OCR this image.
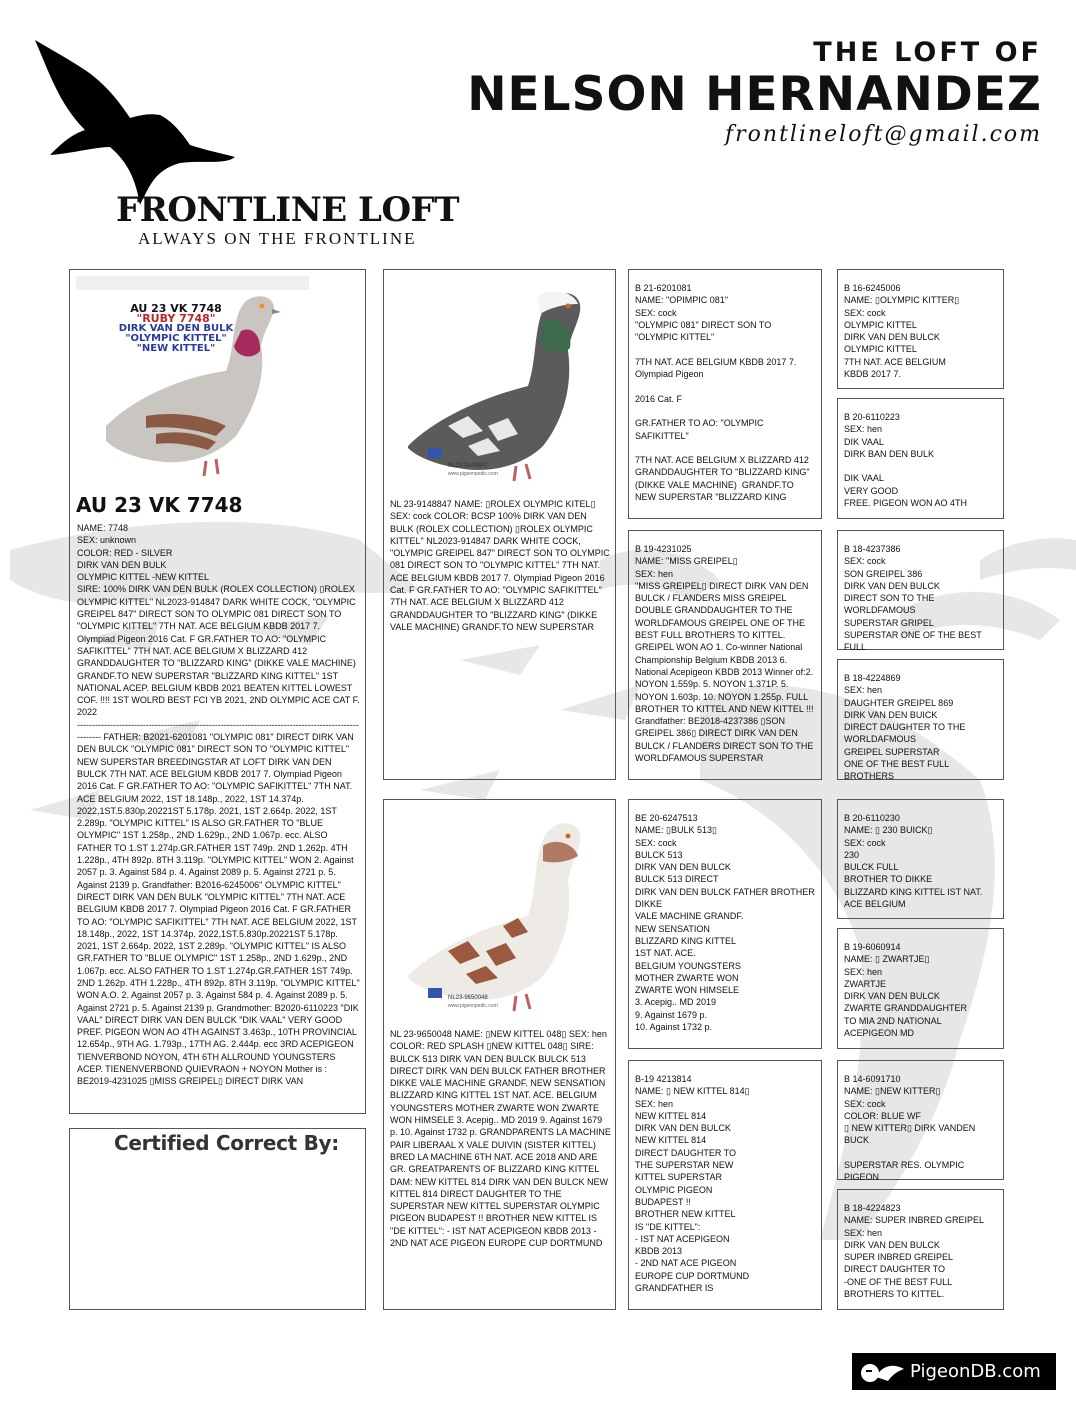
FRONTLINE LOFT
ALWAYS ON THE FRONTLINE
THE LOFT OF
NELSON HERNANDEZ
frontlineloft@gmail.com
AU 23 VK 7748
"RUBY 7748"
DIRK VAN DEN BULK
"OLYMPIC KITTEL"
"NEW KITTEL"
AU 23 VK 7748
NAME: 7748
SEX: unknown
COLOR: RED - SILVER
DIRK VAN DEN BULK
OLYMPIC KITTEL -NEW KITTEL
SIRE: 100% DIRK VAN DEN BULK (ROLEX COLLECTION) ▯ROLEX OLYMPIC KITTEL" NL2023-914847 DARK WHITE COCK, "OLYMPIC GREIPEL 847" DIRECT SON TO OLYMPIC 081 DIRECT SON TO "OLYMPIC KITTEL" 7TH NAT. ACE BELGIUM KBDB 2017 7. Olympiad Pigeon 2016 Cat. F GR.FATHER TO AO: "OLYMPIC SAFIKITTEL" 7TH NAT. ACE BELGIUM X BLIZZARD 412 GRANDDAUGHTER TO "BLIZZARD KING" (DIKKE VALE MACHINE) GRANDF.TO NEW SUPERSTAR "BLIZZARD KING KITTEL" 1ST NATIONAL ACEP. BELGIUM KBDB 2021 BEATEN KITTEL LOWEST COF. !!!! 1ST WOLRD BEST FCI YB 2021, 2ND OLYMPIC ACE CAT F. 2022
------------------------------------------------------------------------------------------------------ FATHER: B2021-6201081 "OLYMPIC 081" DIRECT DIRK VAN DEN BULCK "OLYMPIC 081" DIRECT SON TO "OLYMPIC KITTEL" NEW SUPERSTAR BREEDINGSTAR AT LOFT DIRK VAN DEN BULCK 7TH NAT. ACE BELGIUM KBDB 2017 7. Olympiad Pigeon 2016 Cat. F GR.FATHER TO AO: "OLYMPIC SAFIKITTEL" 7TH NAT. ACE BELGIUM 2022, 1ST 18.148p., 2022, 1ST 14.374p. 2022,1ST.5.830p.20221ST 5.178p. 2021, 1ST 2.664p. 2022, 1ST 2.289p. "OLYMPIC KITTEL" IS ALSO GR.FATHER TO "BLUE OLYMPIC" 1ST 1.258p., 2ND 1.629p., 2ND 1.067p. ecc. ALSO FATHER TO 1.ST 1.274p.GR.FATHER 1ST 749p. 2ND 1.262p. 4TH 1.228p., 4TH 892p. 8TH 3.119p. "OLYMPIC KITTEL" WON 2. Against 2057 p. 3. Against 584 p. 4. Against 2089 p. 5. Against 2721 p. 5. Against 2139 p. Grandfather: B2016-6245006" OLYMPIC KITTEL" DIRECT DIRK VAN DEN BULK "OLYMPIC KITTEL" 7TH NAT. ACE BELGIUM KBDB 2017 7. Olympiad Pigeon 2016 Cat. F GR.FATHER TO AO: "OLYMPIC SAFIKITTEL" 7TH NAT. ACE BELGIUM 2022, 1ST 18.148p., 2022, 1ST 14.374p. 2022,1ST.5.830p.20221ST 5.178p. 2021, 1ST 2.664p. 2022, 1ST 2.289p. "OLYMPIC KITTEL" IS ALSO GR.FATHER TO "BLUE OLYMPIC" 1ST 1.258p., 2ND 1.629p., 2ND 1.067p. ecc. ALSO FATHER TO 1.ST 1.274p.GR.FATHER 1ST 749p. 2ND 1.262p. 4TH 1.228p., 4TH 892p. 8TH 3.119p. "OLYMPIC KITTEL" WON A.O. 2. Against 2057 p. 3. Against 584 p. 4. Against 2089 p. 5. Against 2721 p. 5. Against 2139 p. Grandmother: B2020-6110223 "DIK VAAL" DIRECT DIRK VAN DEN BULCK "DIK VAAL" VERY GOOD PREF. PIGEON WON AO 4TH AGAINST 3.463p., 10TH PROVINCIAL 12.654p., 9TH AG. 1.793p., 17TH AG. 2.444p. ecc 3RD ACEPIGEON TIENVERBOND NOYON, 4TH 6TH ALLROUND YOUNGSTERS ACEP. TIENENVERBOND QUIEVRAON + NOYON Mother is : BE2019-4231025 ▯MISS GREIPEL▯ DIRECT DIRK VAN
Certified Correct By:
NL23-9148847
www.pigeonpedic.com
NL 23-9148847 NAME: ▯ROLEX OLYMPIC KITEL▯ SEX: cock COLOR: BCSP 100% DIRK VAN DEN BULK (ROLEX COLLECTION) ▯ROLEX OLYMPIC KITTEL" NL2023-914847 DARK WHITE COCK, "OLYMPIC GREIPEL 847" DIRECT SON TO OLYMPIC 081 DIRECT SON TO "OLYMPIC KITTEL" 7TH NAT. ACE BELGIUM KBDB 2017 7. Olympiad Pigeon 2016 Cat. F GR.FATHER TO AO: "OLYMPIC SAFIKITTEL" 7TH NAT. ACE BELGIUM X BLIZZARD 412 GRANDDAUGHTER TO "BLIZZARD KING" (DIKKE VALE MACHINE) GRANDF.TO NEW SUPERSTAR
NL23-9650048
www.pigeonpedic.com
NL 23-9650048 NAME: ▯NEW KITTEL 048▯ SEX: hen COLOR: RED SPLASH ▯NEW KITTEL 048▯ SIRE: BULCK 513 DIRK VAN DEN BULCK BULCK 513 DIRECT DIRK VAN DEN BULCK FATHER BROTHER DIKKE VALE MACHINE GRANDF. NEW SENSATION BLIZZARD KING KITTEL 1ST NAT. ACE. BELGIUM YOUNGSTERS MOTHER ZWARTE WON ZWARTE WON HIMSELE 3. Acepig.. MD 2019 9. Against 1679 p. 10. Against 1732 p. GRANDPARENTS LA MACHINE PAIR LIBERAAL X VALE DUIVIN (SISTER KITTEL) BRED LA MACHINE 6TH NAT. ACE 2018 AND ARE GR. GREATPARENTS OF BLIZZARD KING KITTEL DAM: NEW KITTEL 814 DIRK VAN DEN BULCK NEW KITTEL 814 DIRECT DAUGHTER TO THE SUPERSTAR NEW KITTEL SUPERSTAR OLYMPIC PIGEON BUDAPEST !! BROTHER NEW KITTEL IS "DE KITTEL": - IST NAT ACEPIGEON KBDB 2013 - 2ND NAT ACE PIGEON EUROPE CUP DORTMUND
B 21-6201081
NAME: "OPIMPIC 081"
SEX: cock
"OLYMPIC 081" DIRECT SON TO "OLYMPIC KITTEL"

7TH NAT. ACE BELGIUM KBDB 2017 7. Olympiad Pigeon

2016 Cat. F

GR.FATHER TO AO: "OLYMPIC SAFIKITTEL"

7TH NAT. ACE BELGIUM X BLIZZARD 412 GRANDDAUGHTER TO "BLIZZARD KING" (DIKKE VALE MACHINE)  GRANDF.TO NEW SUPERSTAR "BLIZZARD KING
B 19-4231025
NAME: "MISS GREIPEL▯
SEX: hen
"MISS GREIPEL▯ DIRECT DIRK VAN DEN BULCK / FLANDERS MISS GREIPEL DOUBLE GRANDDAUGHTER TO THE WORLDFAMOUS GREIPEL ONE OF THE BEST FULL BROTHERS TO KITTEL. GREIPEL WON AO 1. Co-winner National Championship Belgium KBDB 2013 6. National Acepigeon KBDB 2013 Winner of:2. NOYON 1.559p. 5. NOYON 1.371P. 5. NOYON 1.603p. 10. NOYON 1.255p. FULL BROTHER TO KITTEL AND NEW KITTEL !!! Grandfather: BE2018-4237386 ▯SON GREIPEL 386▯ DIRECT DIRK VAN DEN BULCK / FLANDERS DIRECT SON TO THE WORLDFAMOUS SUPERSTAR
BE 20-6247513
NAME: ▯BULK 513▯
SEX: cock
BULCK 513
DIRK VAN DEN BULCK
BULCK 513 DIRECT
DIRK VAN DEN BULCK FATHER BROTHER DIKKE
VALE MACHINE GRANDF.
NEW SENSATION
BLIZZARD KING KITTEL
1ST NAT. ACE.
BELGIUM YOUNGSTERS
MOTHER ZWARTE WON
ZWARTE WON HIMSELE
3. Acepig.. MD 2019
9. Against 1679 p.
10. Against 1732 p.
B-19 4213814
NAME: ▯ NEW KITTEL 814▯
SEX: hen
NEW KITTEL 814
DIRK VAN DEN BULCK
NEW KITTEL 814
DIRECT DAUGHTER TO
THE SUPERSTAR NEW
KITTEL SUPERSTAR
OLYMPIC PIGEON
BUDAPEST !!
BROTHER NEW KITTEL
IS "DE KITTEL":
- IST NAT ACEPIGEON
KBDB 2013
- 2ND NAT ACE PIGEON
EUROPE CUP DORTMUND
GRANDFATHER IS
B 16-6245006
NAME: ▯OLYMPIC KITTER▯
SEX: cock
OLYMPIC KITTEL
DIRK VAN DEN BULCK
OLYMPIC KITTEL
7TH NAT. ACE BELGIUM
KBDB 2017 7.
B 20-6110223
SEX: hen
DIK VAAL
DIRK BAN DEN BULK

DIK VAAL
VERY GOOD
FREE. PIGEON WON AO 4TH
B 18-4237386
SEX: cock
SON GREIPEL 386
DIRK VAN DEN BULCK
DIRECT SON TO THE
WORLDFAMOUS
SUPERSTAR GRIPEL
SUPERSTAR ONE OF THE BEST FULL
B 18-4224869
SEX: hen
DAUGHTER GREIPEL 869
DIRK VAN DEN BUICK
DIRECT DAUGHTER TO THE
WORLDAFMOUS
GREIPEL SUPERSTAR
ONE OF THE BEST FULL BROTHERS
B 20-6110230
NAME: ▯ 230 BUICK▯
SEX: cock
230
BULCK FULL
BROTHER TO DIKKE
BLIZZARD KING KITTEL IST NAT.
ACE BELGIUM
B 19-6060914
NAME: ▯ ZWARTJE▯
SEX: hen
ZWARTJE
DIRK VAN DEN BULCK
ZWARTE GRANDDAUGHTER
TO MIA 2ND NATIONAL
ACEPIGEON MD
B 14-6091710
NAME: ▯NEW KITTER▯
SEX: cock
COLOR: BLUE WF
▯ NEW KITTER▯ DIRK VANDEN BUCK

SUPERSTAR RES. OLYMPIC PIGEON
B 18-4224823
NAME: SUPER INBRED GREIPEL
SEX: hen
DIRK VAN DEN BULCK
SUPER INBRED GREIPEL
DIRECT DAUGHTER TO
-ONE OF THE BEST FULL
BROTHERS TO KITTEL.
PigeonDB.com
